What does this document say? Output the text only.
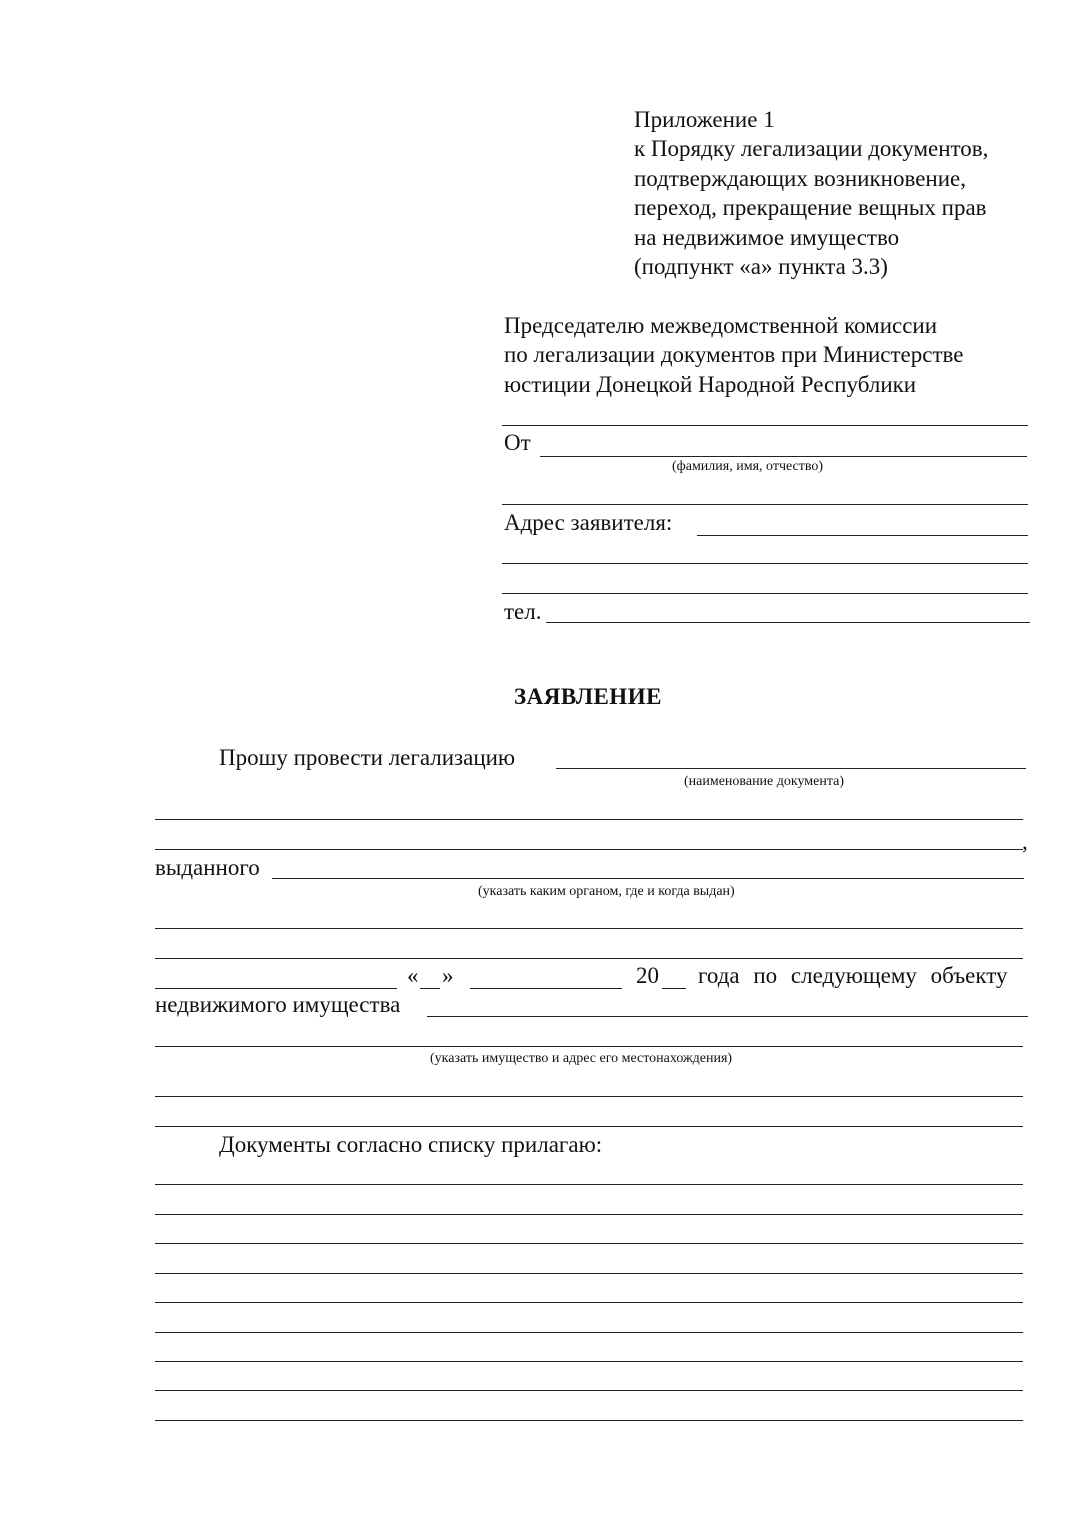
Приложение 1
к Порядку легализации документов,
подтверждающих возникновение,
переход, прекращение вещных прав
на недвижимое имущество
(подпункт «а» пункта 3.3)
Председателю межведомственной комиссии
по легализации документов при Министерстве
юстиции Донецкой Народной Республики
От
(фамилия, имя, отчество)
Адрес заявителя:
тел.
ЗАЯВЛЕНИЕ
Прошу провести легализацию
(наименование документа)
,
выданного
(указать каким органом, где и когда выдан)
« »	20 года по следующему объекту
недвижимого имущества
(указать имущество и адрес его местонахождения)
Документы согласно списку прилагаю:
